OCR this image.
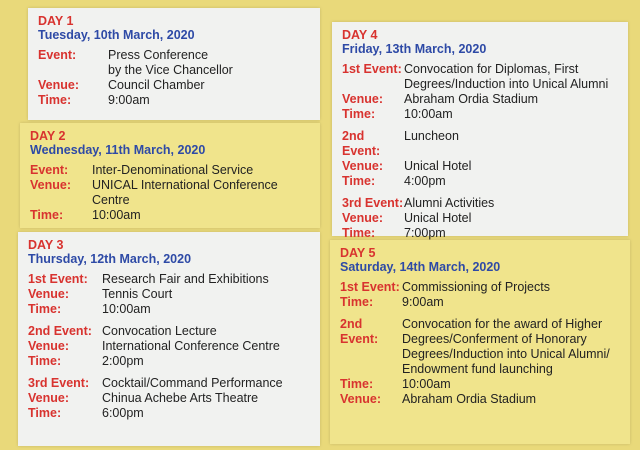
DAY 1
Tuesday, 10th March, 2020
Event:	Press Conference
by the Vice Chancellor
Venue:	Council Chamber
Time:	9:00am
DAY 2
Wednesday, 11th March, 2020
Event:	Inter-Denominational Service
Venue:	UNICAL International Conference Centre
Time:	10:00am
DAY 3
Thursday, 12th March, 2020
1st Event:	Research Fair and Exhibitions
Venue:	Tennis Court
Time:	10:00am
2nd Event: Convocation Lecture
Venue:	International Conference Centre
Time:	2:00pm
3rd Event:	Cocktail/Command Performance
Venue:	Chinua Achebe Arts Theatre
Time:	6:00pm
DAY 4
Friday, 13th March, 2020
1st Event: Convocation for Diplomas, First
Degrees/Induction into Unical Alumni
Venue:	Abraham Ordia Stadium
Time:	10:00am
2nd Event:
Luncheon
Venue:	Unical Hotel
Time:	4:00pm
3rd Event: Alumni Activities
Venue:	Unical Hotel
Time:	7:00pm
DAY 5
Saturday, 14th March, 2020
1st Event: Commissioning of Projects
Time:	9:00am
2nd Event:
Convocation for the award of Higher
Degrees/Conferment of Honorary
Degrees/Induction into Unical Alumni/
Endowment fund launching
Time:	10:00am
Venue:	Abraham Ordia Stadium
